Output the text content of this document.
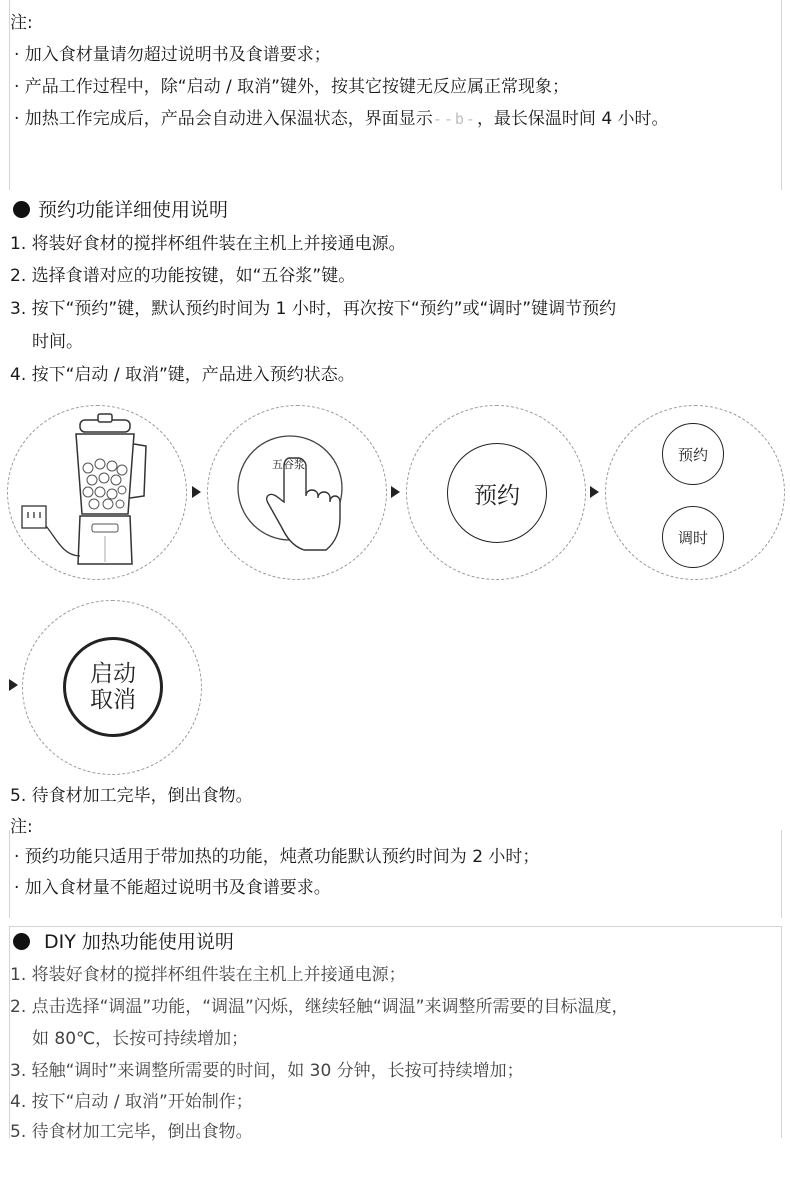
注:
· 加入食材量请勿超过说明书及食谱要求；
· 产品工作过程中，除“启动 / 取消”键外，按其它按键无反应属正常现象；
· 加热工作完成后，产品会自动进入保温状态，界面显示--b-，最长保温时间 4 小时。
预约功能详细使用说明
1. 将装好食材的搅拌杯组件装在主机上并接通电源。
2. 选择食谱对应的功能按键，如“五谷浆”键。
3. 按下“预约”键，默认预约时间为 1 小时，再次按下“预约”或“调时”键调节预约
时间。
4. 按下“启动 / 取消”键，产品进入预约状态。
五谷浆
预约
预约
调时
启动
取消
5. 待食材加工完毕，倒出食物。
注:
· 预约功能只适用于带加热的功能，炖煮功能默认预约时间为 2 小时；
· 加入食材量不能超过说明书及食谱要求。
DIY 加热功能使用说明
1. 将装好食材的搅拌杯组件装在主机上并接通电源；
2. 点击选择“调温”功能，“调温”闪烁，继续轻触“调温”来调整所需要的目标温度，
如 80℃，长按可持续增加；
3. 轻触“调时”来调整所需要的时间，如 30 分钟，长按可持续增加；
4. 按下“启动 / 取消”开始制作；
5. 待食材加工完毕，倒出食物。
